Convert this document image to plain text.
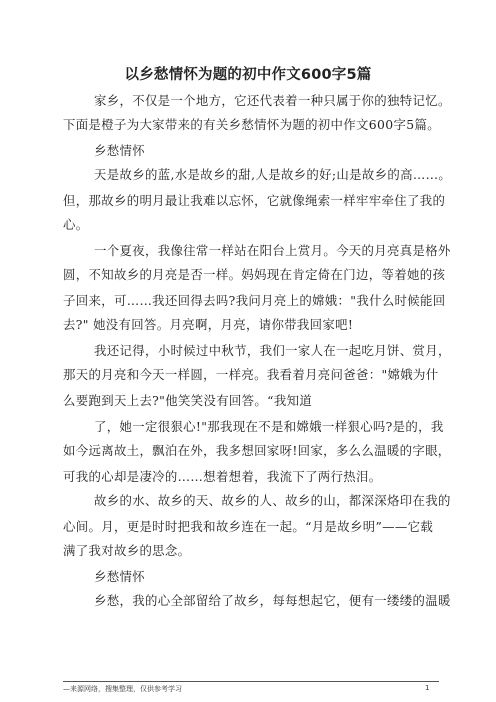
以乡愁情怀为题的初中作文600字5篇
家乡，不仅是一个地方，它还代表着一种只属于你的独特记忆。
下面是橙子为大家带来的有关乡愁情怀为题的初中作文600字5篇。
乡愁情怀
天是故乡的蓝,水是故乡的甜,人是故乡的好;山是故乡的高……。
但，那故乡的明月最让我难以忘怀，它就像绳索一样牢牢牵住了我的
心。
一个夏夜，我像往常一样站在阳台上赏月。今天的月亮真是格外
圆，不知故乡的月亮是否一样。妈妈现在肯定倚在门边，等着她的孩
子回来，可……我还回得去吗?我问月亮上的嫦娥："我什么时候能回
去?" 她没有回答。月亮啊，月亮，请你带我回家吧!
我还记得，小时候过中秋节，我们一家人在一起吃月饼、赏月，
那天的月亮和今天一样圆，一样亮。我看着月亮问爸爸："嫦娥为什
么要跑到天上去?"他笑笑没有回答。“我知道
了，她一定很狠心!"那我现在不是和嫦娥一样狠心吗?是的，我
如今远离故土，飘泊在外，我多想回家呀!回家，多么么温暖的字眼，
可我的心却是凄冷的……想着想着，我流下了两行热泪。
故乡的水、故乡的天、故乡的人、故乡的山，都深深烙印在我的
心间。月，更是时时把我和故乡连在一起。“月是故乡明”——它载
满了我对故乡的思念。
乡愁情怀
乡愁，我的心全部留给了故乡，每每想起它，便有一缕缕的温暖
—来源网络，搜集整理，仅供参考学习	1
